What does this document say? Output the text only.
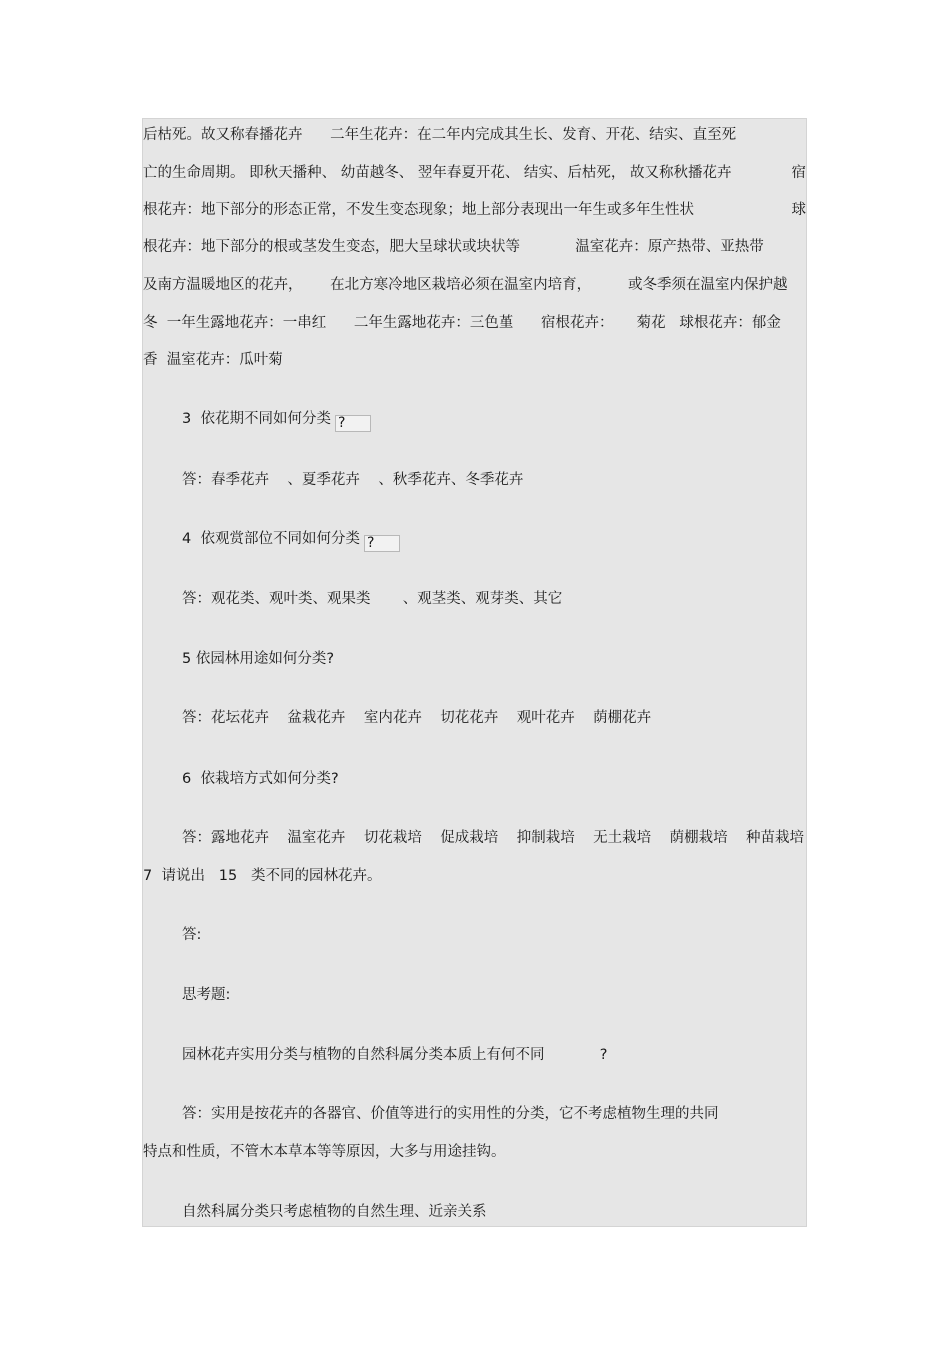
后枯死。故又称春播花卉      二年生花卉：在二年内完成其生长、发育、开花、结实、直至死
亡的生命周期。 即秋天播种、 幼苗越冬、 翌年春夏开花、 结实、后枯死， 故又称秋播花卉	宿
根花卉：地下部分的形态正常，不发生变态现象；地上部分表现出一年生或多年生性状	球
根花卉：地下部分的根或茎发生变态，肥大呈球状或块状等            温室花卉：原产热带、亚热带
及南方温暖地区的花卉，      在北方寒冷地区栽培必须在温室内培育，        或冬季须在温室内保护越
冬  一年生露地花卉：一串红      二年生露地花卉：三色堇      宿根花卉：     菊花   球根花卉：郁金
香  温室花卉：瓜叶菊
3  依花期不同如何分类 ?
答：春季花卉    、夏季花卉    、秋季花卉、冬季花卉
4  依观赏部位不同如何分类 ?
答：观花类、观叶类、观果类       、观茎类、观芽类、其它
5 依园林用途如何分类?
答：花坛花卉    盆栽花卉    室内花卉    切花花卉    观叶花卉    荫棚花卉
6  依栽培方式如何分类?
答：露地花卉    温室花卉    切花栽培    促成栽培    抑制栽培    无土栽培    荫棚栽培    种苗栽培
7  请说出   15   类不同的园林花卉。
答:
思考题:
园林花卉实用分类与植物的自然科属分类本质上有何不同            ?
答：实用是按花卉的各器官、价值等进行的实用性的分类，它不考虑植物生理的共同
特点和性质，不管木本草本等等原因，大多与用途挂钩。
自然科属分类只考虑植物的自然生理、近亲关系
